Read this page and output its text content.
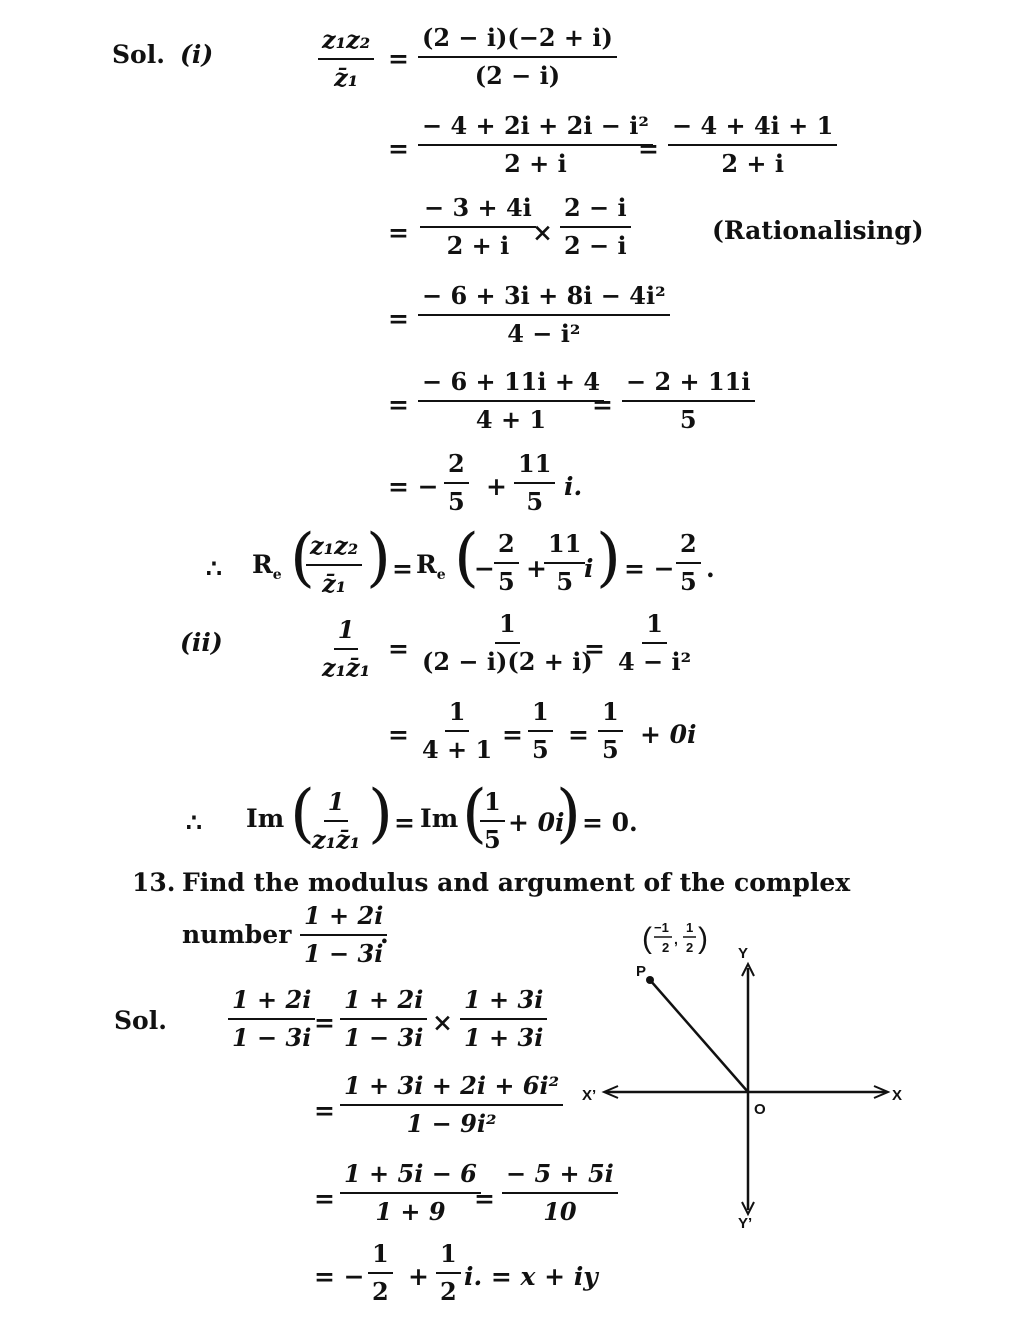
Sol. (i)	$\frac{\text{z₁z₂}}{\text{z̄₁}} = \frac{(2 - i)(-2 + i)}{(2 - i)}$
= $\frac{\text{− 4 + 2i + 2i − i²}}{2 + i}$
= $\frac{- 4 + 4i + 1}{2 + i}$
= $\frac{- 3 + 4i}{2 + i}$
× $\frac{2 - i}{2 - i}$	(Rationalising)
= $\frac{\text{− 6 + 3i + 8i − 4i²}}{\text{4 − i²}}$
= $\frac{- 6 + 11i + 4}{4 + 1}$
= $\frac{- 2 + 11i}{5}$
= − $\frac{2}{5} + \frac{11}{5} i$.
∴ $R_e$ (
$\frac{\text{z₁z₂}}{\text{z̄₁}}$ ) = $R_e$ (
− $\frac{2}{5}$ +
$\frac{11}{5}$
i ) = − $\frac{2}{5}$ .
(ii)	$\frac{1}{\text{z₁z̄₁}} = \frac{1}{(2 - i)(2 + i)}$
= $\frac{1}{\text{4 − i²}}$
= $\frac{1}{4 + 1} = \frac{1}{5} = \frac{1}{5} + 0i$
∴ Im (
$\frac{1}{\text{z₁z̄₁}}$ ) = Im (
$\frac{1}{5} + 0i$
) = 0.
13. Find the modulus and argument of the complex
number $\frac{1 + 2i}{1 - 3i}$
.
Sol.	$\frac{1 + 2i}{1 - 3i}$
= $\frac{1 + 2i}{1 - 3i} \times \frac{1 + 3i}{1 + 3i}$
= $\frac{\text{1 + 3i + 2i + 6i²}}{\text{1 − 9i²}}$
= $\frac{1 + 5i - 6}{1 + 9}$
= $\frac{- 5 + 5i}{10}$
= − $\frac{1}{2} + \frac{1}{2} i$. = x + iy
( −1
2
,
1
2 )
P
Y
Y’
X’	X
O
